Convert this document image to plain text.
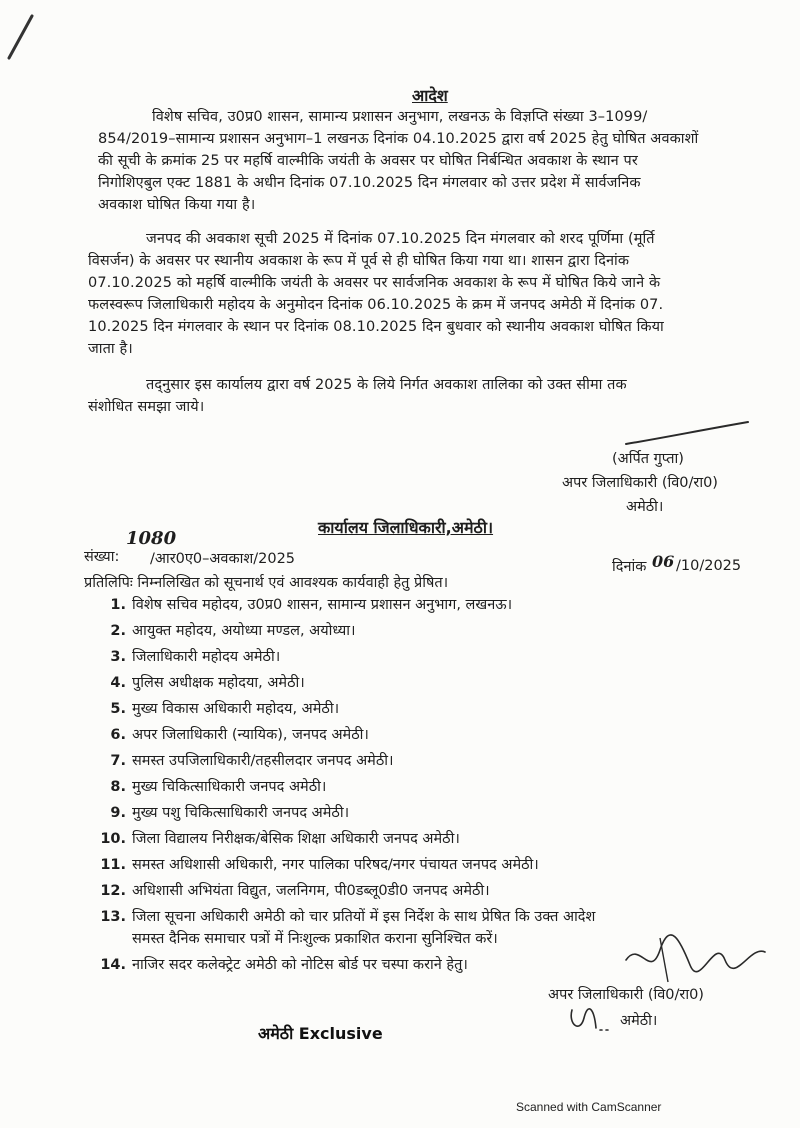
आदेश
विशेष सचिव, उ0प्र0 शासन, सामान्य प्रशासन अनुभाग, लखनऊ के विज्ञप्ति संख्या 3–1099/
854/2019–सामान्य प्रशासन अनुभाग–1 लखनऊ दिनांक 04.10.2025 द्वारा वर्ष 2025 हेतु घोषित अवकाशों
की सूची के क्रमांक 25 पर महर्षि वाल्मीकि जयंती के अवसर पर घोषित निर्बन्धित अवकाश के स्थान पर
निगोशिएबुल एक्ट 1881 के अधीन दिनांक 07.10.2025 दिन मंगलवार को उत्तर प्रदेश में सार्वजनिक
अवकाश घोषित किया गया है।
जनपद की अवकाश सूची 2025 में दिनांक 07.10.2025 दिन मंगलवार को शरद पूर्णिमा (मूर्ति
विसर्जन) के अवसर पर स्थानीय अवकाश के रूप में पूर्व से ही घोषित किया गया था। शासन द्वारा दिनांक
07.10.2025 को महर्षि वाल्मीकि जयंती के अवसर पर सार्वजनिक अवकाश के रूप में घोषित किये जाने के
फलस्वरूप जिलाधिकारी महोदय के अनुमोदन दिनांक 06.10.2025 के क्रम में जनपद अमेठी में दिनांक 07.
10.2025 दिन मंगलवार के स्थान पर दिनांक 08.10.2025 दिन बुधवार को स्थानीय अवकाश घोषित किया
जाता है।
तद्नुसार इस कार्यालय द्वारा वर्ष 2025 के लिये निर्गत अवकाश तालिका को उक्त सीमा तक
संशोधित समझा जाये।
(अर्पित गुप्ता)
अपर जिलाधिकारी (वि0/रा0)
अमेठी।
कार्यालय जिलाधिकारी,अमेठी।
संख्या:
1080
/आर0ए0–अवकाश/2025	दिनांक 06 /10/2025
प्रतिलिपिः निम्नलिखित को सूचनार्थ एवं आवश्यक कार्यवाही हेतु प्रेषित।
1. विशेष सचिव महोदय, उ0प्र0 शासन, सामान्य प्रशासन अनुभाग, लखनऊ।
2. आयुक्त महोदय, अयोध्या मण्डल, अयोध्या।
3. जिलाधिकारी महोदय अमेठी।
4. पुलिस अधीक्षक महोदया, अमेठी।
5. मुख्य विकास अधिकारी महोदय, अमेठी।
6. अपर जिलाधिकारी (न्यायिक), जनपद अमेठी।
7. समस्त उपजिलाधिकारी/तहसीलदार जनपद अमेठी।
8. मुख्य चिकित्साधिकारी जनपद अमेठी।
9. मुख्य पशु चिकित्साधिकारी जनपद अमेठी।
10. जिला विद्यालय निरीक्षक/बेसिक शिक्षा अधिकारी जनपद अमेठी।
11. समस्त अधिशासी अधिकारी, नगर पालिका परिषद/नगर पंचायत जनपद अमेठी।
12. अधिशासी अभियंता विद्युत, जलनिगम, पी0डब्लू0डी0 जनपद अमेठी।
13. जिला सूचना अधिकारी अमेठी को चार प्रतियों में इस निर्देश के साथ प्रेषित कि उक्त आदेश
समस्त दैनिक समाचार पत्रों में निःशुल्क प्रकाशित कराना सुनिश्चित करें।
14. नाजिर सदर कलेक्ट्रेट अमेठी को नोटिस बोर्ड पर चस्पा कराने हेतु।
अपर जिलाधिकारी (वि0/रा0)
अमेठी।
अमेठी Exclusive
Scanned with CamScanner
